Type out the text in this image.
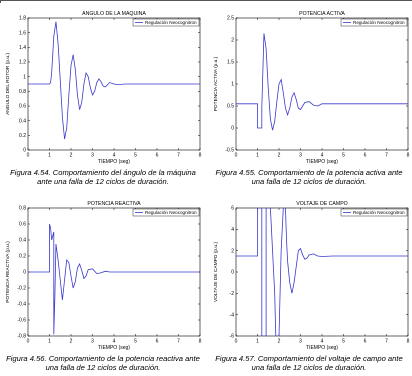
ANGULO DE LA MAQUINA
0	1	2	3	4	5	6	7	8
0
0.2
0.4
0.6
0.8
1
1.2
1.4
1.6
1.8
TIEMPO (seg)
ANGULO DEL ROTOR (p.u.)
Regulación Neocognitron
Figura 4.54. Comportamiento del ángulo de la máquina
ante una falla de 12 ciclos de duración.
POTENCIA ACTIVA
0	1	2	3	4	5	6	7	8
-0.5
0
0.5
1
1.5
2
2.5
TIEMPO (seg)
POTENCIA ACTIVA (p.u.)
Regulación Neocognitron
Figura 4.55. Comportamiento de la potencia activa ante
una falla de 12 ciclos de duración.
POTENCIA REACTIVA
0	1	2	3	4	5	6	7	8
-0.8
-0.6
-0.4
-0.2
0
0.2
0.4
0.6
0.8
TIEMPO (seg)
POTENCIA REACTIVA (p.u.)
Regulación Neocognitron
Figura 4.56. Comportamiento de la potencia reactiva ante
una falla de 12 ciclos de duración.
VOLTAJE DE CAMPO
0	1	2	3	4	5	6	7	8
-6
-4
-2
0
2
4
6
TIEMPO (seg)
VOLTAJE DE CAMPO (p.u.)
Regulación Neocognitron
Figura 4.57. Comportamiento del voltaje de campo ante
una falla de 12 ciclos de duración.
